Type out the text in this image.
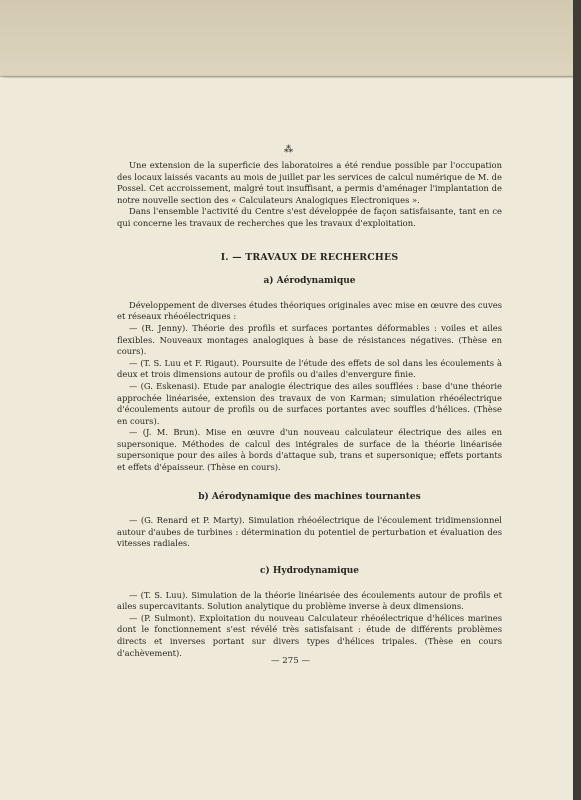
⁂

Une extension de la superficie des laboratoires a été rendue possible par l'occupation des locaux laissés vacants au mois de juillet par les services de calcul numérique de M. de Possel. Cet accroissement, malgré tout insuffisant, a permis d'aménager l'implantation de notre nouvelle section des « Calculateurs Analogiques Electroniques ».

Dans l'ensemble l'activité du Centre s'est développée de façon satisfaisante, tant en ce qui concerne les travaux de recherches que les travaux d'exploitation.

I. — TRAVAUX DE RECHERCHES

a) Aérodynamique

Développement de diverses études théoriques originales avec mise en œuvre des cuves et réseaux rhéoélectriques :

— (R. Jenny). Théorie des profils et surfaces portantes déformables : voiles et ailes flexibles. Nouveaux montages analogiques à base de résistances négatives. (Thèse en cours).

— (T. S. Luu et F. Rigaut). Poursuite de l'étude des effets de sol dans les écoulements à deux et trois dimensions autour de profils ou d'ailes d'envergure finie.

— (G. Eskenasi). Etude par analogie électrique des ailes soufflées : base d'une théorie approchée linéarisée, extension des travaux de von Karman; simulation rhéoélectrique d'écoulements autour de profils ou de surfaces portantes avec souffles d'hélices. (Thèse en cours).

— (J. M. Brun). Mise en œuvre d'un nouveau calculateur électrique des ailes en supersonique. Méthodes de calcul des intégrales de surface de la théorie linéarisée supersonique pour des ailes à bords d'attaque sub, trans et supersonique; effets portants et effets d'épaisseur. (Thèse en cours).

b) Aérodynamique des machines tournantes

— (G. Renard et P. Marty). Simulation rhéoélectrique de l'écoulement tridimensionnel autour d'aubes de turbines : détermination du potentiel de perturbation et évaluation des vitesses radiales.

c) Hydrodynamique

— (T. S. Luu). Simulation de la théorie linéarisée des écoulements autour de profils et ailes supercavitants. Solution analytique du problème inverse à deux dimensions.

— (P. Sulmont). Exploitation du nouveau Calculateur rhéoélectrique d'hélices marines dont le fonctionnement s'est révélé très satisfaisant : étude de différents problèmes directs et inverses portant sur divers types d'hélices tripales. (Thèse en cours d'achèvement).

— 275 —
